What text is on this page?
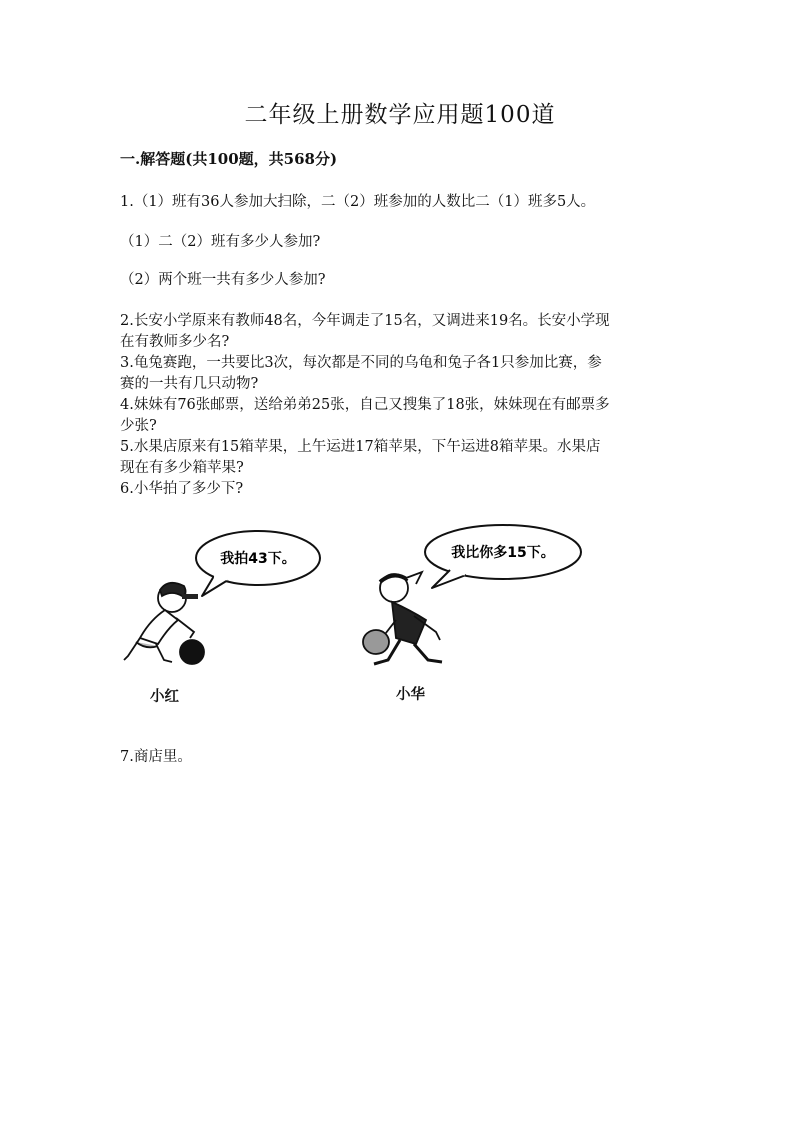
二年级上册数学应用题100道

一.解答题(共100题，共568分)

1.（1）班有36人参加大扫除，二（2）班参加的人数比二（1）班多5人。

（1）二（2）班有多少人参加?

（2）两个班一共有多少人参加?

2.长安小学原来有教师48名，今年调走了15名，又调进来19名。长安小学现

在有教师多少名?

3.龟兔赛跑，一共要比3次，每次都是不同的乌龟和兔子各1只参加比赛，参

赛的一共有几只动物?

4.妹妹有76张邮票，送给弟弟25张，自己又搜集了18张，妹妹现在有邮票多

少张?

5.水果店原来有15箱苹果，上午运进17箱苹果，下午运进8箱苹果。水果店

现在有多少箱苹果?

6.小华拍了多少下?

我拍43下。	我比你多15下。
小红	小华

7.商店里。
